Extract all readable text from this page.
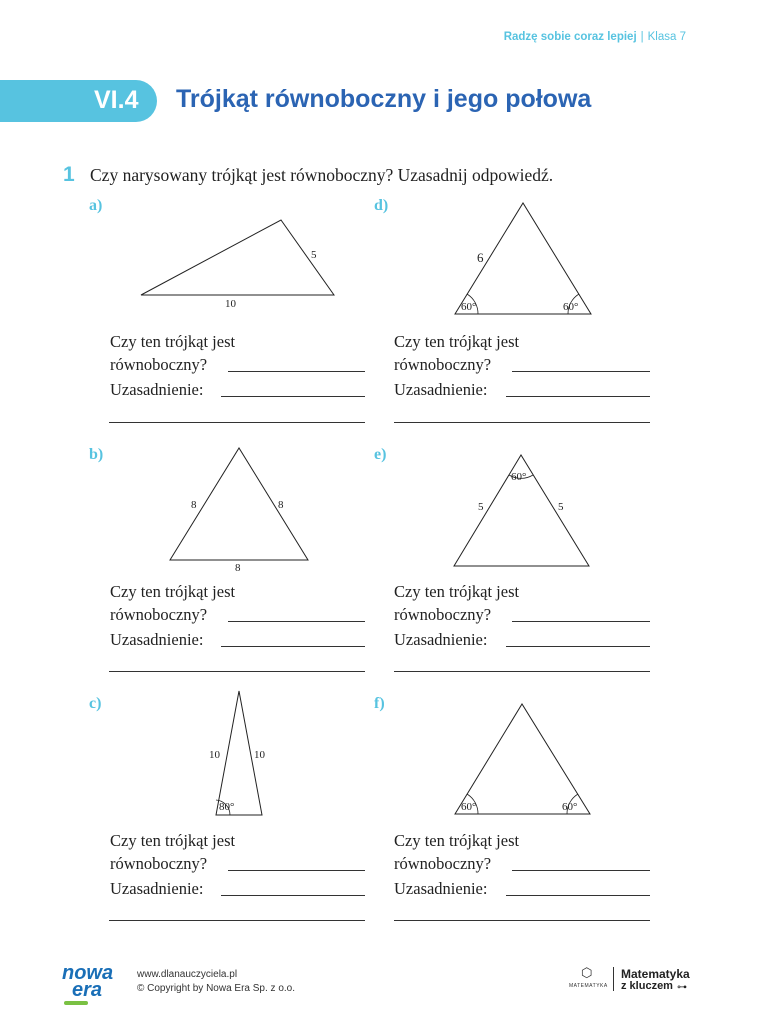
Radzę sobie coraz lepiej | Klasa 7
VI.4 Trójkąt równoboczny i jego połowa
1 Czy narysowany trójkąt jest równoboczny? Uzasadnij odpowiedź.
a)
5
10
Czy ten trójkąt jest
równoboczny?
Uzasadnienie:
b)
8	8
8
Czy ten trójkąt jest
równoboczny?
Uzasadnienie:
c)
10	10
80°
Czy ten trójkąt jest
równoboczny?
Uzasadnienie:
d)
6
60°	60°
Czy ten trójkąt jest
równoboczny?
Uzasadnienie:
e)
60°
5	5
Czy ten trójkąt jest
równoboczny?
Uzasadnienie:
f)
60°	60°
Czy ten trójkąt jest
równoboczny?
Uzasadnienie:
nowa
era
www.dlanauczyciela.pl
© Copyright by Nowa Era Sp. z o.o.
⬡
MATEMATYKA
Matematyka
z kluczem ⊶
